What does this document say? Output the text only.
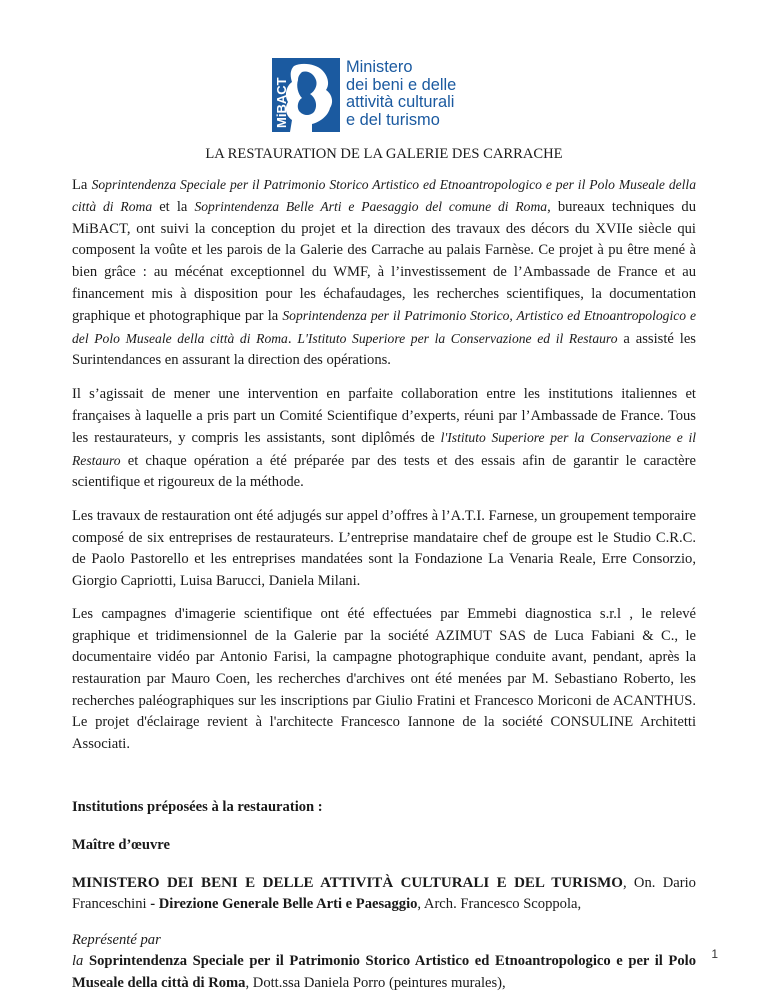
MiBACT
Ministero
dei beni e delle
attività culturali
e del turismo
LA RESTAURATION DE LA GALERIE DES CARRACHE

La Soprintendenza Speciale per il Patrimonio Storico Artistico ed Etnoantropologico e per il Polo Museale della città di Roma et la Soprintendenza Belle Arti e Paesaggio del comune di Roma, bureaux techniques du MiBACT, ont suivi la conception du projet et la direction des travaux des décors du XVIIe siècle qui composent la voûte et les parois de la Galerie des Carrache au palais Farnèse. Ce projet à pu être mené à bien grâce : au mécénat exceptionnel du WMF, à l’investissement de l’Ambassade de France et au financement mis à disposition pour les échafaudages, les recherches scientifiques, la documentation graphique et photographique par la Soprintendenza per il Patrimonio Storico, Artistico ed Etnoantropologico e del Polo Museale della città di Roma. L'Istituto Superiore per la Conservazione ed il Restauro a assisté les Surintendances en assurant la direction des opérations.

Il s’agissait de mener une intervention en parfaite collaboration entre les institutions italiennes et françaises à laquelle a pris part un Comité Scientifique d’experts, réuni par l’Ambassade de France. Tous les restaurateurs, y compris les assistants, sont diplômés de l'Istituto Superiore per la Conservazione e il Restauro et chaque opération a été préparée par des tests et des essais afin de garantir le caractère scientifique et rigoureux de la méthode.

Les travaux de restauration ont été adjugés sur appel d’offres à l’A.T.I. Farnese, un groupement temporaire composé de six entreprises de restaurateurs. L’entreprise mandataire chef de groupe est le Studio C.R.C. de Paolo Pastorello et les entreprises mandatées sont la Fondazione La Venaria Reale, Erre Consorzio, Giorgio Capriotti, Luisa Barucci, Daniela Milani.

Les campagnes d'imagerie scientifique ont été effectuées par Emmebi diagnostica s.r.l , le relevé graphique et tridimensionnel de la Galerie par la société AZIMUT SAS de Luca Fabiani & C., le documentaire vidéo par Antonio Farisi, la campagne photographique conduite avant, pendant, après la restauration par Mauro Coen, les recherches d'archives ont été menées par M. Sebastiano Roberto, les recherches paléographiques sur les inscriptions par Giulio Fratini et Francesco Moriconi de ACANTHUS. Le projet d'éclairage revient à l'architecte Francesco Iannone de la société CONSULINE Architetti Associati.

Institutions préposées à la restauration :

Maître d’œuvre

MINISTERO DEI BENI E DELLE ATTIVITÀ CULTURALI E DEL TURISMO, On. Dario Franceschini - Direzione Generale Belle Arti e Paesaggio, Arch. Francesco Scoppola,

Représenté par

la Soprintendenza Speciale per il Patrimonio Storico Artistico ed Etnoantropologico e per il Polo Museale della città di Roma, Dott.ssa Daniela Porro (peintures murales),

1
